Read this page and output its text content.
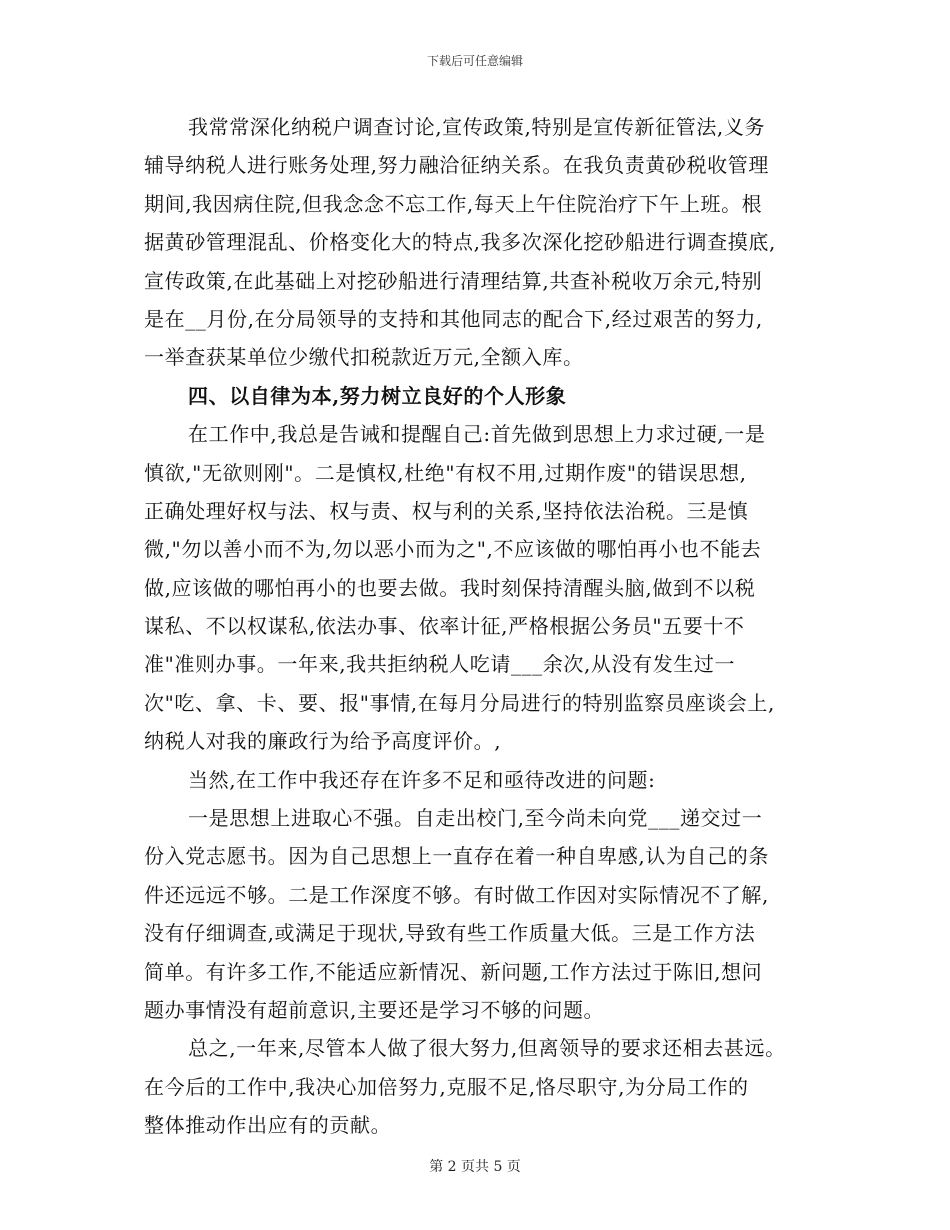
下载后可任意编辑
我常常深化纳税户调查讨论,宣传政策,特别是宣传新征管法,义务
辅导纳税人进行账务处理,努力融洽征纳关系。在我负责黄砂税收管理
期间,我因病住院,但我念念不忘工作,每天上午住院治疗下午上班。根
据黄砂管理混乱、价格变化大的特点,我多次深化挖砂船进行调查摸底,
宣传政策,在此基础上对挖砂船进行清理结算,共查补税收万余元,特别
是在__月份,在分局领导的支持和其他同志的配合下,经过艰苦的努力,
一举查获某单位少缴代扣税款近万元,全额入库。
四、以自律为本,努力树立良好的个人形象
在工作中,我总是告诫和提醒自己:首先做到思想上力求过硬,一是
慎欲,"无欲则刚"。二是慎权,杜绝"有权不用,过期作废"的错误思想,
正确处理好权与法、权与责、权与利的关系,坚持依法治税。三是慎
微,"勿以善小而不为,勿以恶小而为之",不应该做的哪怕再小也不能去
做,应该做的哪怕再小的也要去做。我时刻保持清醒头脑,做到不以税
谋私、不以权谋私,依法办事、依率计征,严格根据公务员"五要十不
准"准则办事。一年来,我共拒纳税人吃请___余次,从没有发生过一
次"吃、拿、卡、要、报"事情,在每月分局进行的特别监察员座谈会上,
纳税人对我的廉政行为给予高度评价。,
当然,在工作中我还存在许多不足和亟待改进的问题:
一是思想上进取心不强。自走出校门,至今尚未向党___递交过一
份入党志愿书。因为自己思想上一直存在着一种自卑感,认为自己的条
件还远远不够。二是工作深度不够。有时做工作因对实际情况不了解,
没有仔细调查,或满足于现状,导致有些工作质量大低。三是工作方法
简单。有许多工作,不能适应新情况、新问题,工作方法过于陈旧,想问
题办事情没有超前意识,主要还是学习不够的问题。
总之,一年来,尽管本人做了很大努力,但离领导的要求还相去甚远。
在今后的工作中,我决心加倍努力,克服不足,恪尽职守,为分局工作的
整体推动作出应有的贡献。
第 2 页共 5 页
